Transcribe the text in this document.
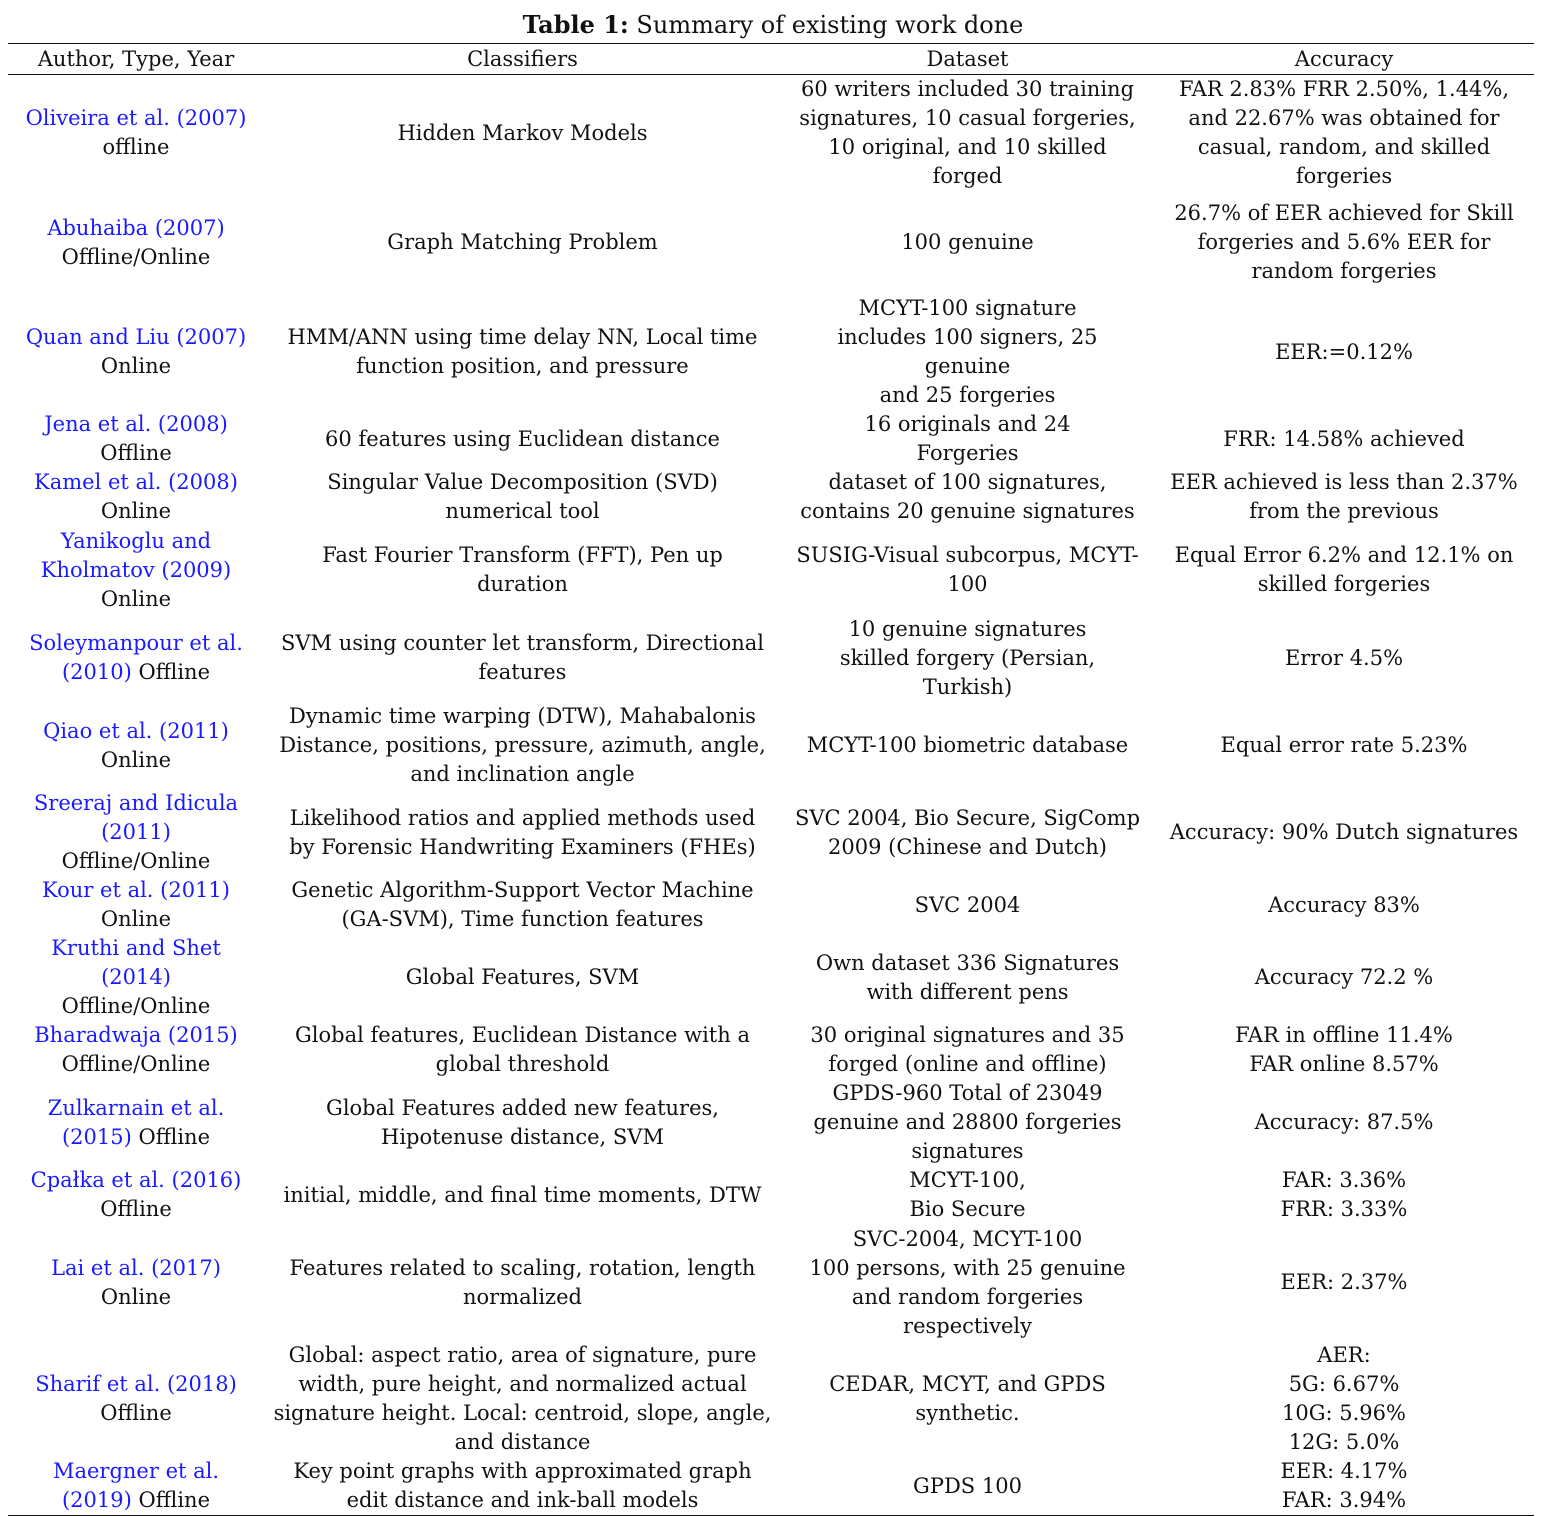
Table 1: Summary of existing work done
Author, Type, Year	Classifiers	Dataset	Accuracy

Oliveira et al. (2007)
offline	Hidden Markov Models	60 writers included 30 training
signatures, 10 casual forgeries,
10 original, and 10 skilled
forged	FAR 2.83% FRR 2.50%, 1.44%,
and 22.67% was obtained for
casual, random, and skilled
forgeries

Abuhaiba (2007)
Offline/Online	Graph Matching Problem	100 genuine	26.7% of EER achieved for Skill
forgeries and 5.6% EER for
random forgeries

Quan and Liu (2007)
Online	HMM/ANN using time delay NN, Local time
function position, and pressure	MCYT-100 signature
includes 100 signers, 25
genuine
and 25 forgeries	EER:=0.12%

Jena et al. (2008)
Offline	60 features using Euclidean distance	16 originals and 24
Forgeries	FRR: 14.58% achieved

Kamel et al. (2008)
Online	Singular Value Decomposition (SVD)
numerical tool	dataset of 100 signatures,
contains 20 genuine signatures	EER achieved is less than 2.37%
from the previous

Yanikoglu and
Kholmatov (2009)
Online	Fast Fourier Transform (FFT), Pen up
duration	SUSIG-Visual subcorpus, MCYT-
100	Equal Error 6.2% and 12.1% on
skilled forgeries

Soleymanpour et al.
(2010) Offline	SVM using counter let transform, Directional
features	10 genuine signatures
skilled forgery (Persian,
Turkish)	Error 4.5%

Qiao et al. (2011)
Online	Dynamic time warping (DTW), Mahabalonis
Distance, positions, pressure, azimuth, angle,
and inclination angle	MCYT-100 biometric database	Equal error rate 5.23%

Sreeraj and Idicula
(2011)
Offline/Online	Likelihood ratios and applied methods used
by Forensic Handwriting Examiners (FHEs)	SVC 2004, Bio Secure, SigComp
2009 (Chinese and Dutch)	Accuracy: 90% Dutch signatures

Kour et al. (2011)
Online	Genetic Algorithm-Support Vector Machine
(GA-SVM), Time function features	SVC 2004	Accuracy 83%

Kruthi and Shet
(2014)
Offline/Online	Global Features, SVM	Own dataset 336 Signatures
with different pens	Accuracy 72.2 %

Bharadwaja (2015)
Offline/Online	Global features, Euclidean Distance with a
global threshold	30 original signatures and 35
forged (online and offline)	FAR in offline 11.4%
FAR online 8.57%

Zulkarnain et al.
(2015) Offline	Global Features added new features,
Hipotenuse distance, SVM	GPDS-960 Total of 23049
genuine and 28800 forgeries
signatures	Accuracy: 87.5%

Cpałka et al. (2016)
Offline	initial, middle, and final time moments, DTW	MCYT-100,
Bio Secure	FAR: 3.36%
FRR: 3.33%

Lai et al. (2017)
Online	Features related to scaling, rotation, length
normalized	SVC-2004, MCYT-100
100 persons, with 25 genuine
and random forgeries
respectively	EER: 2.37%

Sharif et al. (2018)
Offline	Global: aspect ratio, area of signature, pure
width, pure height, and normalized actual
signature height. Local: centroid, slope, angle,
and distance	CEDAR, MCYT, and GPDS
synthetic.	AER:
5G: 6.67%
10G: 5.96%
12G: 5.0%

Maergner et al.
(2019) Offline	Key point graphs with approximated graph
edit distance and ink-ball models	GPDS 100	EER: 4.17%
FAR: 3.94%
